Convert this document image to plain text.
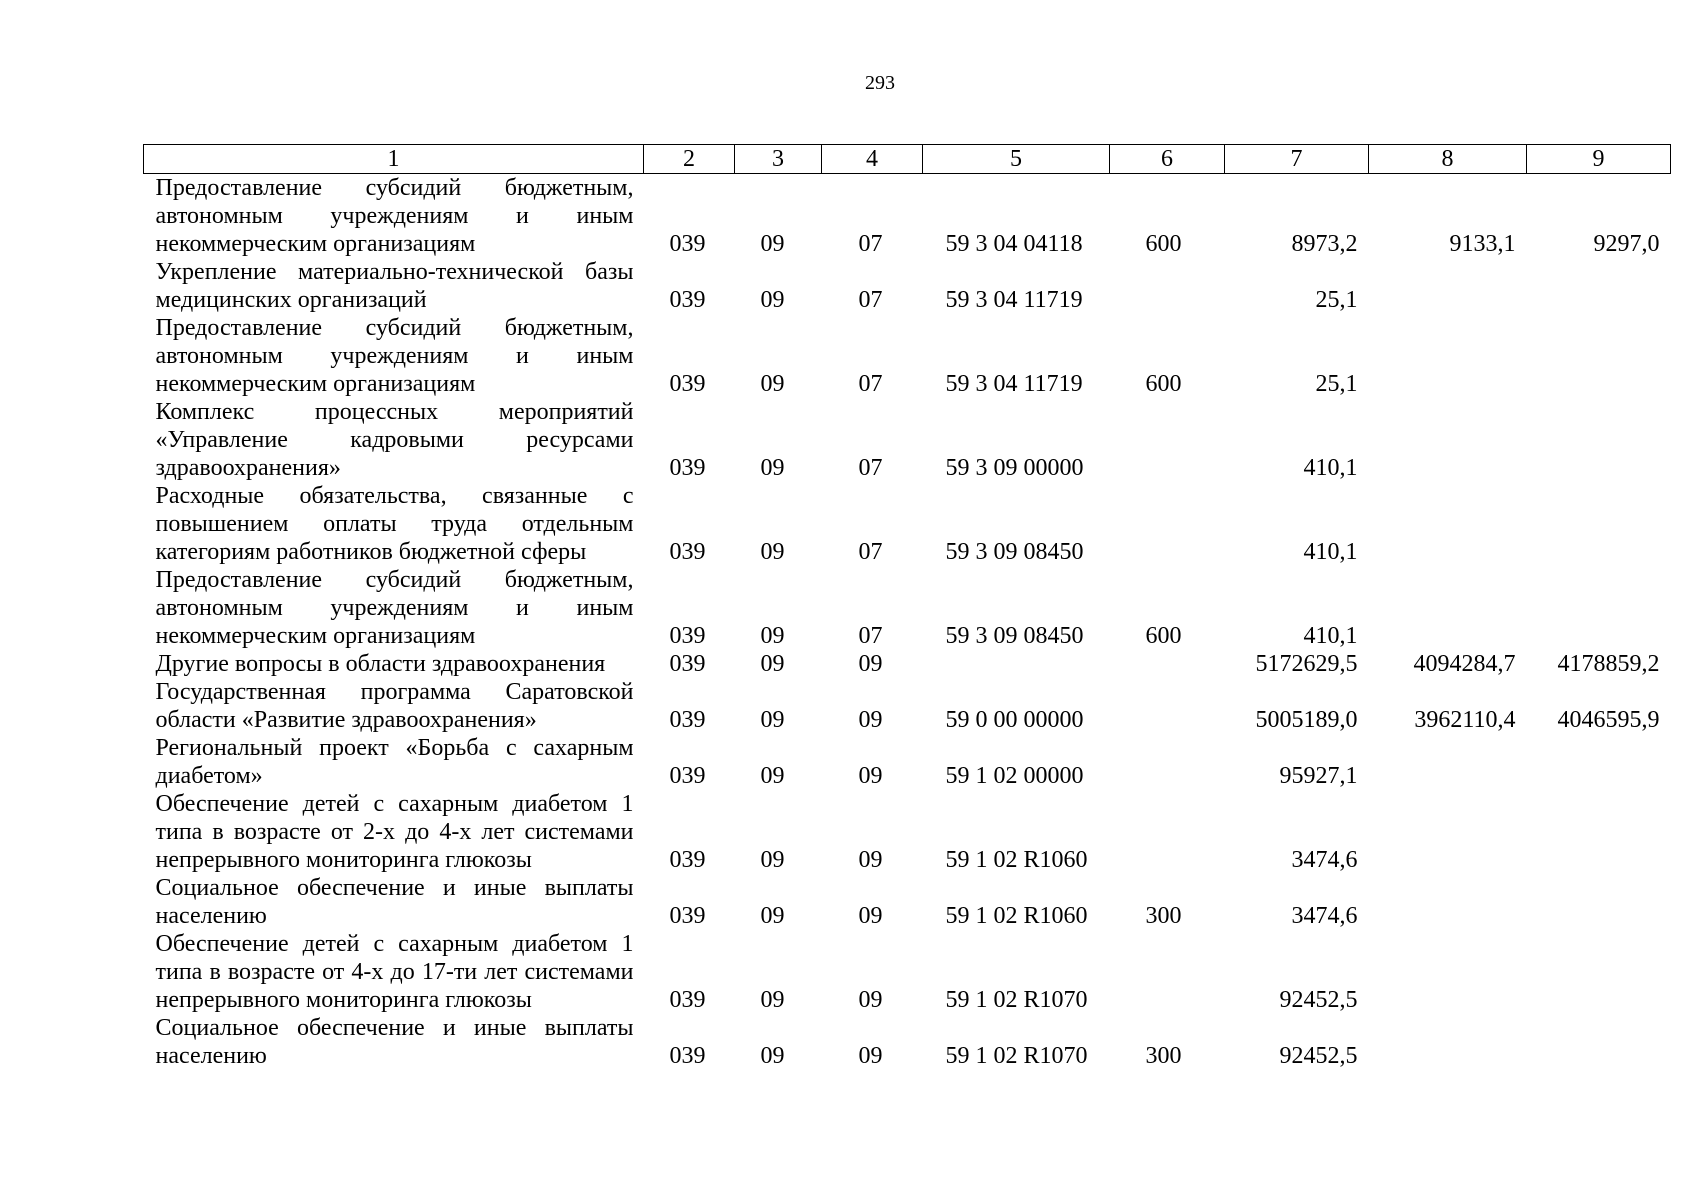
293
1	2	3	4	5	6	7	8	9
Предоставление субсидий бюджетным, автономным учреждениям и иным некоммерческим организациям	039	09	07	59 3 04 04118	600	8973,2	9133,1	9297,0
Укрепление материально-технической базы медицинских организаций	039	09	07	59 3 04 11719		25,1		
Предоставление субсидий бюджетным, автономным учреждениям и иным некоммерческим организациям	039	09	07	59 3 04 11719	600	25,1		
Комплекс процессных мероприятий «Управление кадровыми ресурсами здравоохранения»	039	09	07	59 3 09 00000		410,1		
Расходные обязательства, связанные с повышением оплаты труда отдельным категориям работников бюджетной сферы	039	09	07	59 3 09 08450		410,1		
Предоставление субсидий бюджетным, автономным учреждениям и иным некоммерческим организациям	039	09	07	59 3 09 08450	600	410,1		
Другие вопросы в области здравоохранения	039	09	09			5172629,5	4094284,7	4178859,2
Государственная программа Саратовской области «Развитие здравоохранения»	039	09	09	59 0 00 00000		5005189,0	3962110,4	4046595,9
Региональный проект «Борьба с сахарным диабетом»	039	09	09	59 1 02 00000		95927,1		
Обеспечение детей с сахарным диабетом 1 типа в возрасте от 2-х до 4-х лет системами непрерывного мониторинга глюкозы	039	09	09	59 1 02 R1060		3474,6		
Социальное обеспечение и иные выплаты населению	039	09	09	59 1 02 R1060	300	3474,6		
Обеспечение детей с сахарным диабетом 1 типа в возрасте от 4-х до 17-ти лет системами непрерывного мониторинга глюкозы	039	09	09	59 1 02 R1070		92452,5		
Социальное обеспечение и иные выплаты населению	039	09	09	59 1 02 R1070	300	92452,5		
